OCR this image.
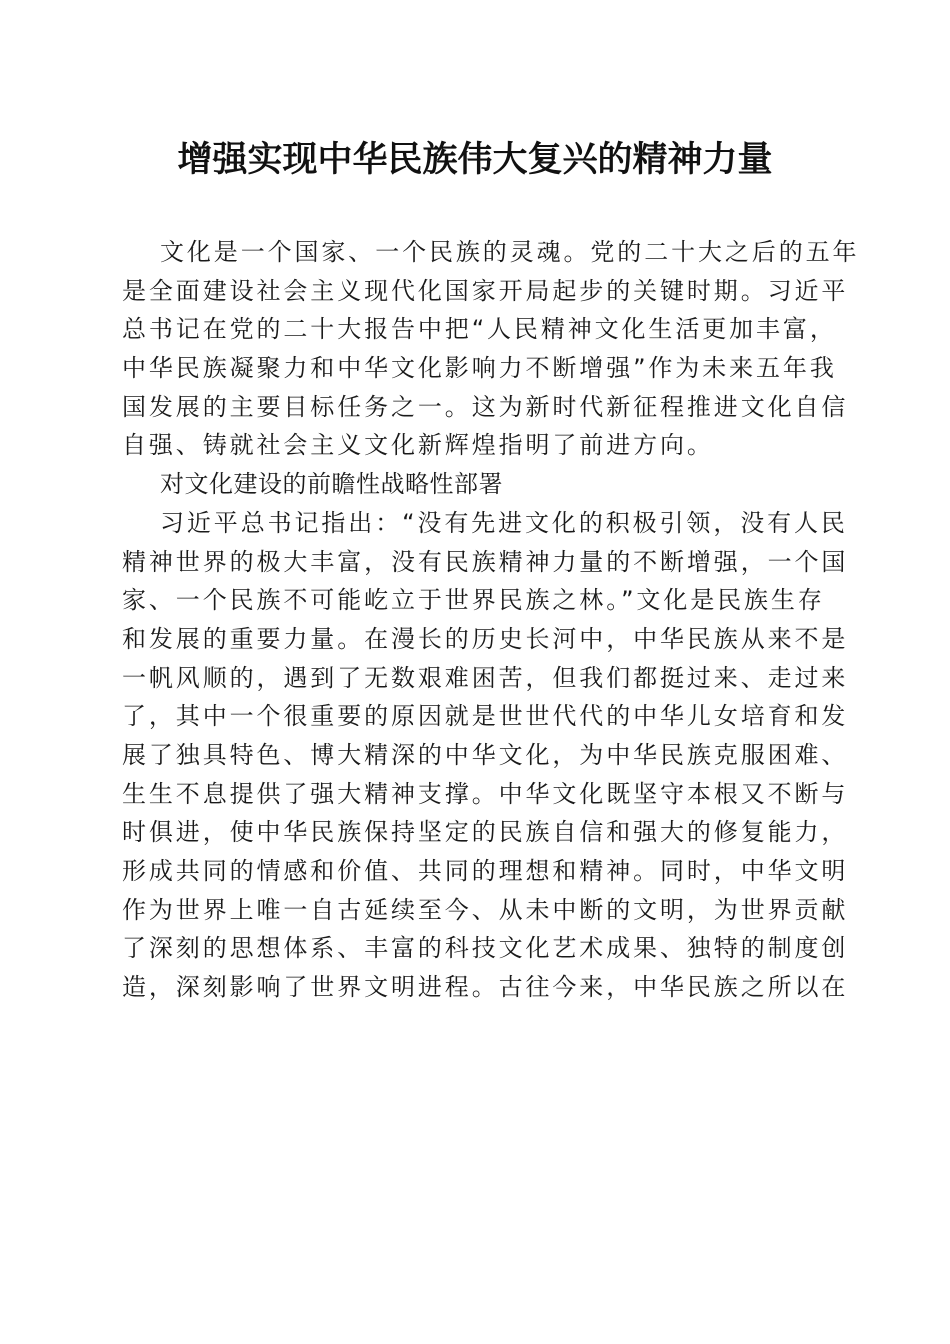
增强实现中华民族伟大复兴的精神力量
文化是一个国家、一个民族的灵魂。党的二十大之后的五年
是全面建设社会主义现代化国家开局起步的关键时期。习近平
总书记在党的二十大报告中把“人民精神文化生活更加丰富，
中华民族凝聚力和中华文化影响力不断增强”作为未来五年我
国发展的主要目标任务之一。这为新时代新征程推进文化自信
自强、铸就社会主义文化新辉煌指明了前进方向。
对文化建设的前瞻性战略性部署
习近平总书记指出：“没有先进文化的积极引领，没有人民
精神世界的极大丰富，没有民族精神力量的不断增强，一个国
家、一个民族不可能屹立于世界民族之林。”文化是民族生存
和发展的重要力量。在漫长的历史长河中，中华民族从来不是
一帆风顺的，遇到了无数艰难困苦，但我们都挺过来、走过来
了，其中一个很重要的原因就是世世代代的中华儿女培育和发
展了独具特色、博大精深的中华文化，为中华民族克服困难、
生生不息提供了强大精神支撑。中华文化既坚守本根又不断与
时俱进，使中华民族保持坚定的民族自信和强大的修复能力，
形成共同的情感和价值、共同的理想和精神。同时，中华文明
作为世界上唯一自古延续至今、从未中断的文明，为世界贡献
了深刻的思想体系、丰富的科技文化艺术成果、独特的制度创
造，深刻影响了世界文明进程。古往今来，中华民族之所以在
